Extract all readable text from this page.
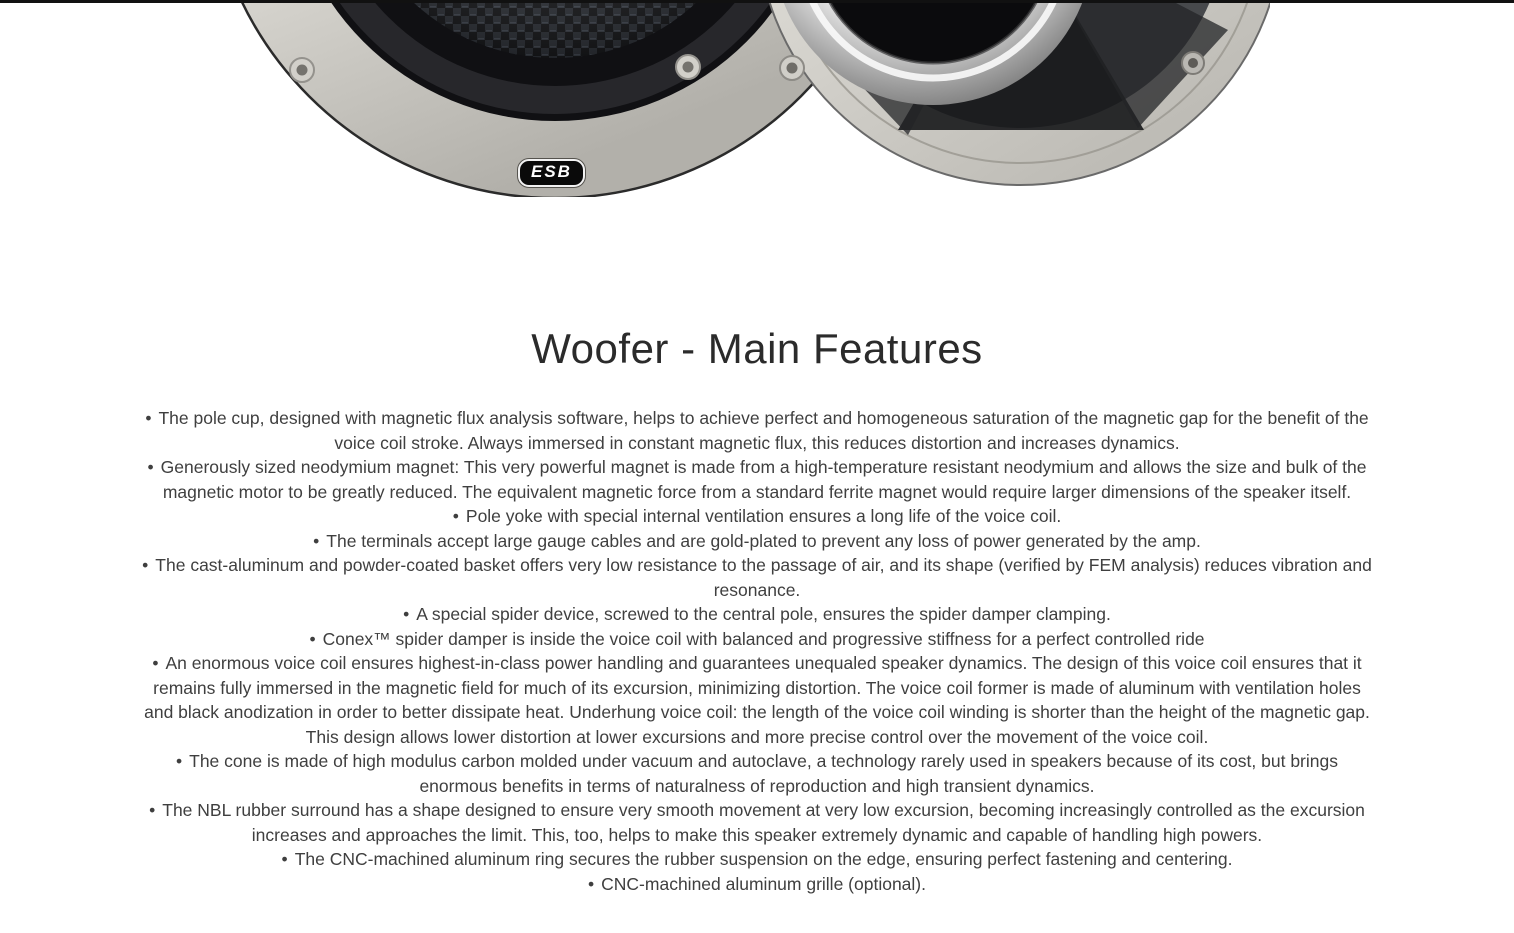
ESB
Woofer - Main Features
• The pole cup, designed with magnetic flux analysis software, helps to achieve perfect and homogeneous saturation of the magnetic gap for the benefit of the voice coil stroke. Always immersed in constant magnetic flux, this reduces distortion and increases dynamics.
• Generously sized neodymium magnet: This very powerful magnet is made from a high-temperature resistant neodymium and allows the size and bulk of the magnetic motor to be greatly reduced. The equivalent magnetic force from a standard ferrite magnet would require larger dimensions of the speaker itself.
• Pole yoke with special internal ventilation ensures a long life of the voice coil.
• The terminals accept large gauge cables and are gold-plated to prevent any loss of power generated by the amp.
• The cast-aluminum and powder-coated basket offers very low resistance to the passage of air, and its shape (verified by FEM analysis) reduces vibration and resonance.
• A special spider device, screwed to the central pole, ensures the spider damper clamping.
• Conex™ spider damper is inside the voice coil with balanced and progressive stiffness for a perfect controlled ride
• An enormous voice coil ensures highest-in-class power handling and guarantees unequaled speaker dynamics. The design of this voice coil ensures that it remains fully immersed in the magnetic field for much of its excursion, minimizing distortion. The voice coil former is made of aluminum with ventilation holes and black anodization in order to better dissipate heat. Underhung voice coil: the length of the voice coil winding is shorter than the height of the magnetic gap. This design allows lower distortion at lower excursions and more precise control over the movement of the voice coil.
• The cone is made of high modulus carbon molded under vacuum and autoclave, a technology rarely used in speakers because of its cost, but brings enormous benefits in terms of naturalness of reproduction and high transient dynamics.
• The NBL rubber surround has a shape designed to ensure very smooth movement at very low excursion, becoming increasingly controlled as the excursion increases and approaches the limit. This, too, helps to make this speaker extremely dynamic and capable of handling high powers.
• The CNC-machined aluminum ring secures the rubber suspension on the edge, ensuring perfect fastening and centering.
• CNC-machined aluminum grille (optional).
